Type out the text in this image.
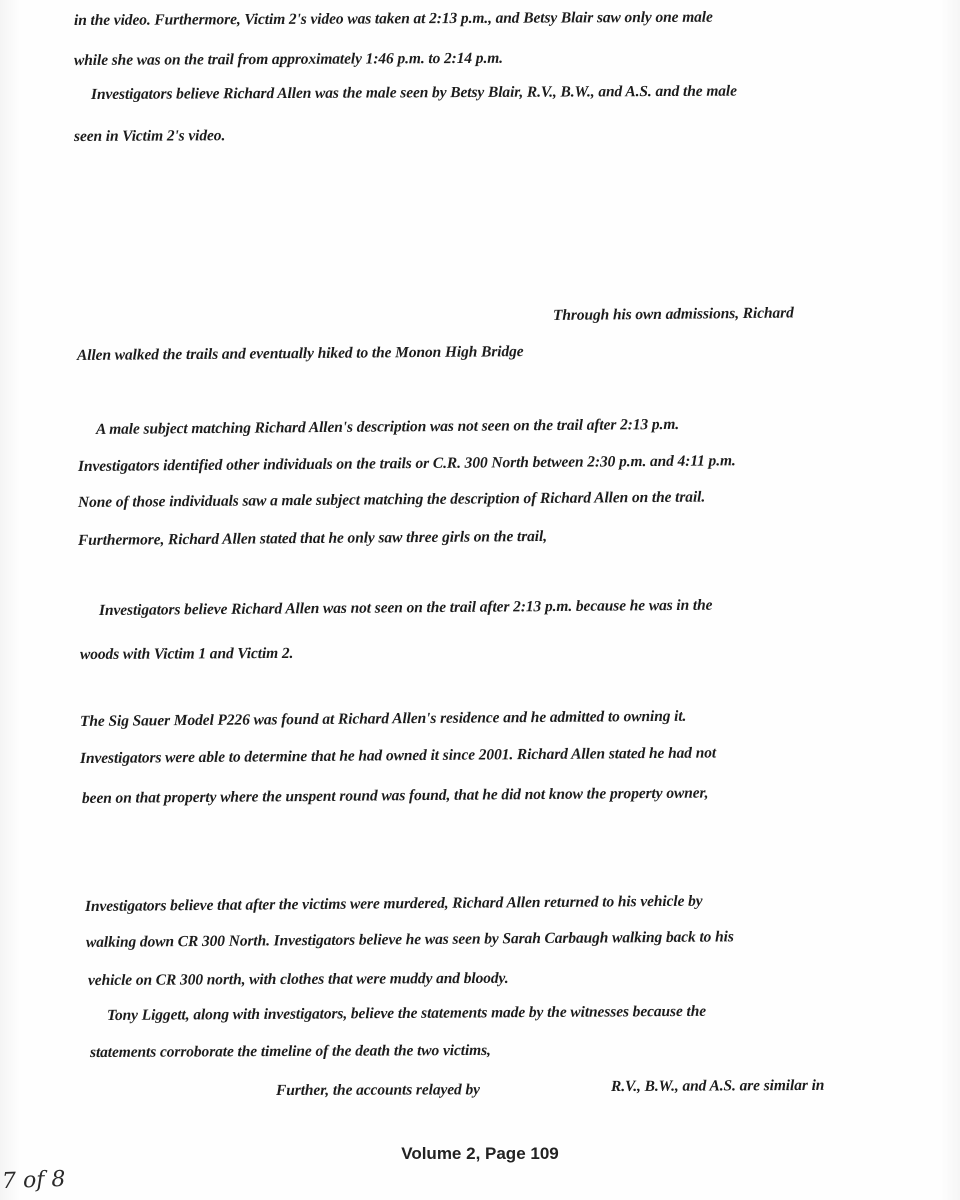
in the video. Furthermore, Victim 2's video was taken at 2:13 p.m., and Betsy Blair saw only one male
while she was on the trail from approximately 1:46 p.m. to 2:14 p.m.
Investigators believe Richard Allen was the male seen by Betsy Blair, R.V., B.W., and A.S. and the male
seen in Victim 2's video.
Through his own admissions, Richard
Allen walked the trails and eventually hiked to the Monon High Bridge
A male subject matching Richard Allen's description was not seen on the trail after 2:13 p.m.
Investigators identified other individuals on the trails or C.R. 300 North between 2:30 p.m. and 4:11 p.m.
None of those individuals saw a male subject matching the description of Richard Allen on the trail.
Furthermore, Richard Allen stated that he only saw three girls on the trail,
Investigators believe Richard Allen was not seen on the trail after 2:13 p.m. because he was in the
woods with Victim 1 and Victim 2.
The Sig Sauer Model P226 was found at Richard Allen's residence and he admitted to owning it.
Investigators were able to determine that he had owned it since 2001. Richard Allen stated he had not
been on that property where the unspent round was found, that he did not know the property owner,
Investigators believe that after the victims were murdered, Richard Allen returned to his vehicle by
walking down CR 300 North. Investigators believe he was seen by Sarah Carbaugh walking back to his
vehicle on CR 300 north, with clothes that were muddy and bloody.
Tony Liggett, along with investigators, believe the statements made by the witnesses because the
statements corroborate the timeline of the death the two victims,
Further, the accounts relayed by	R.V., B.W., and A.S. are similar in
Volume 2, Page 109
7 of 8
